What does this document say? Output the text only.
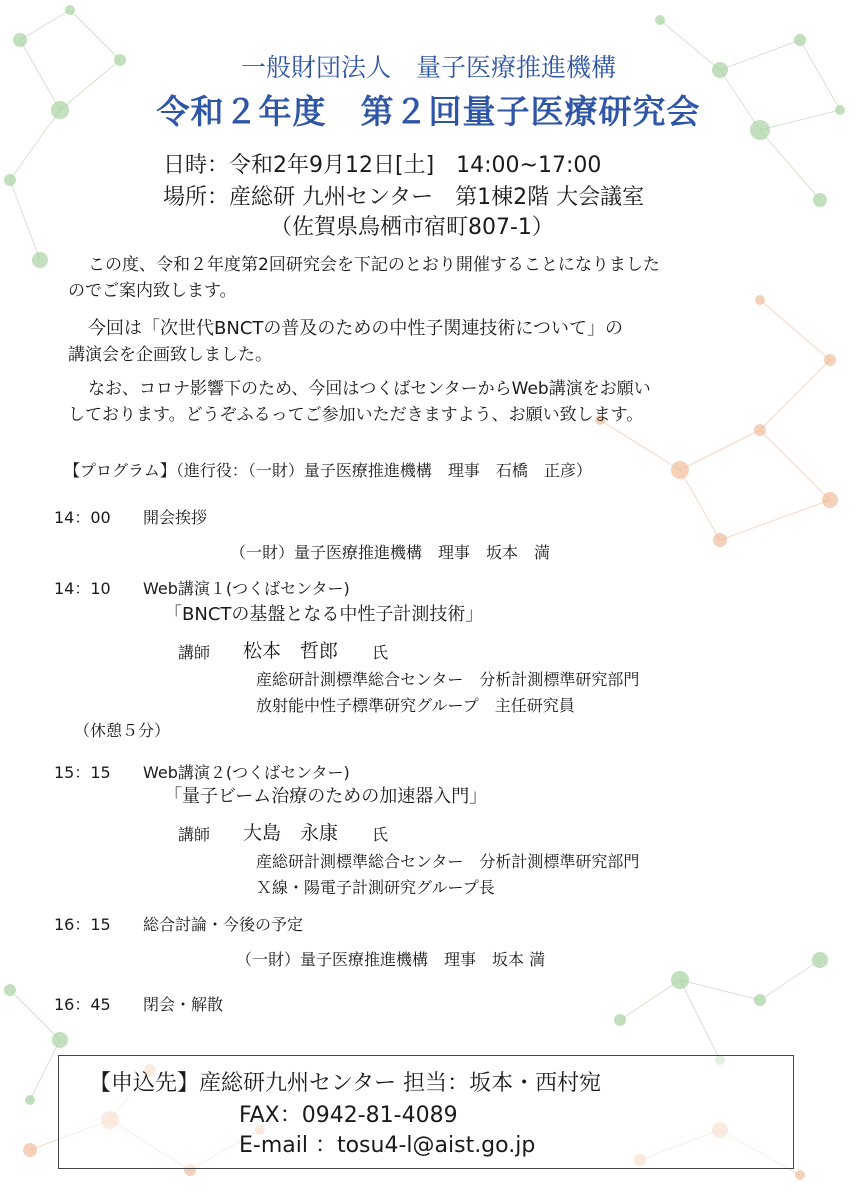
一般財団法人　量子医療推進機構
令和２年度　第２回量子医療研究会
日時：令和2年9月12日[土]　14:00~17:00
場所：産総研 九州センター　第1棟2階 大会議室
（佐賀県鳥栖市宿町807-1）
この度、令和２年度第2回研究会を下記のとおり開催することになりました
のでご案内致します。
今回は「次世代BNCTの普及のための中性子関連技術について」の
講演会を企画致しました。
なお、コロナ影響下のため、今回はつくばセンターからWeb講演をお願い
しております。どうぞふるってご参加いただきますよう、お願い致します。
【プログラム】（進行役：（一財）量子医療推進機構　理事　石橋　正彦）
14：00 開会挨拶
（一財）量子医療推進機構　理事　坂本　満
14：10 Web講演１(つくばセンター)
「BNCTの基盤となる中性子計測技術」
講師 松本　哲郎 氏
産総研計測標準総合センター　分析計測標準研究部門
放射能中性子標準研究グループ　主任研究員
（休憩５分）
15：15 Web講演２(つくばセンター)
「量子ビーム治療のための加速器入門」
講師 大島　永康 氏
産総研計測標準総合センター　分析計測標準研究部門
Ｘ線・陽電子計測研究グループ長
16：15 総合討論・今後の予定
（一財）量子医療推進機構　理事　坂本 満
16：45 閉会・解散
【申込先】産総研九州センター 担当：坂本・西村宛
FAX：0942-81-4089
E-mail ：tosu4-l@aist.go.jp
